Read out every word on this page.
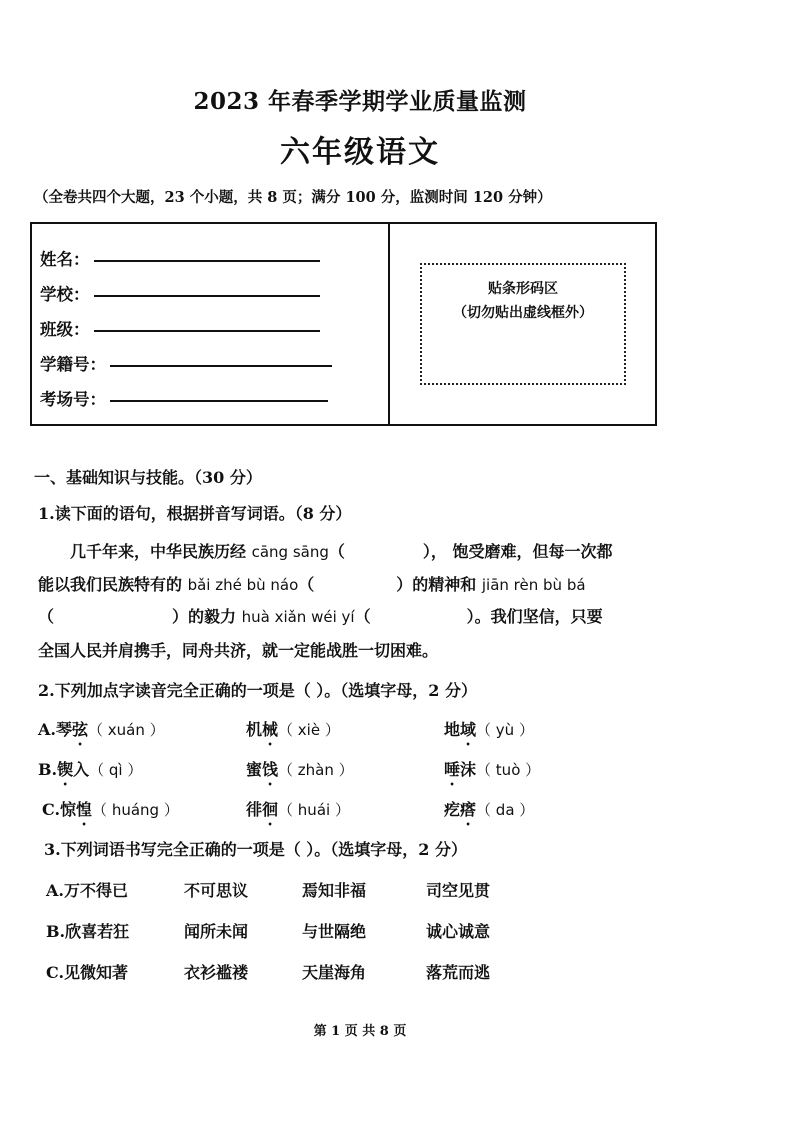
2023 年春季学期学业质量监测
六年级语文
（全卷共四个大题，23 个小题，共 8 页；满分 100 分，监测时间 120 分钟）
姓名：
学校：
班级：
学籍号：
考场号：
贴条形码区
（切勿贴出虚线框外）
一、基础知识与技能。（30 分）
1.读下面的语句，根据拼音写词语。（8 分）
几千年来，中华民族历经 cāng sāng（	）， 饱受磨难，但每一次都
能以我们民族特有的 bǎi zhé bù náo（	）的精神和 jiān rèn bù bá
（	）的毅力 huà xiǎn wéi yí（	）。我们坚信，只要
全国人民并肩携手，同舟共济，就一定能战胜一切困难。
2.下列加点字读音完全正确的一项是（ ）。（选填字母，2 分）
A.琴弦（ xuán ）	机械（ xiè ）	地域（ yù ）
B.锲入（ qì ）	蜜饯（ zhàn ）	唾沫（ tuò ）
C.惊惶（ huáng ）	徘徊（ huái ）	疙瘩（ da ）
3.下列词语书写完全正确的一项是（ ）。（选填字母，2 分）
A.万不得已	不可思议	焉知非福	司空见贯
B.欣喜若狂	闻所未闻	与世隔绝	诚心诚意
C.见微知著	衣衫褴褛	天崖海角	落荒而逃
第 1 页 共 8 页
